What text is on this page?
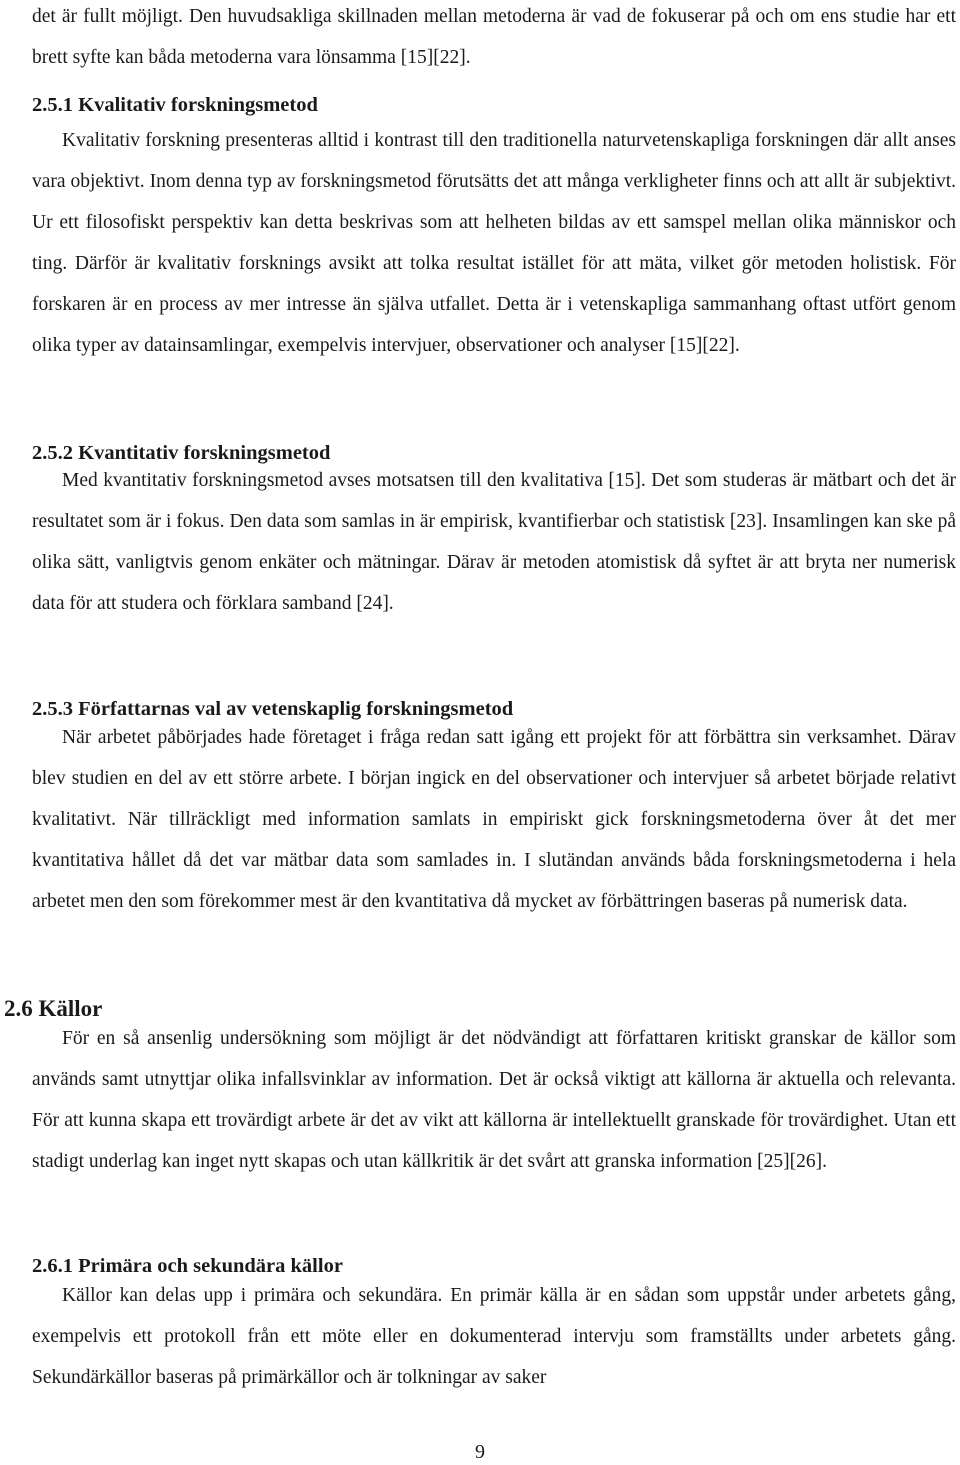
det är fullt möjligt. Den huvudsakliga skillnaden mellan metoderna är vad de fokuserar på och om ens studie har ett brett syfte kan båda metoderna vara lönsamma [15][22].

2.5.1 Kvalitativ forskningsmetod

Kvalitativ forskning presenteras alltid i kontrast till den traditionella naturvetenskapliga forskningen där allt anses vara objektivt. Inom denna typ av forskningsmetod förutsätts det att många verkligheter finns och att allt är subjektivt. Ur ett filosofiskt perspektiv kan detta beskrivas som att helheten bildas av ett samspel mellan olika människor och ting. Därför är kvalitativ forsknings avsikt att tolka resultat istället för att mäta, vilket gör metoden holistisk. För forskaren är en process av mer intresse än själva utfallet. Detta är i vetenskapliga sammanhang oftast utfört genom olika typer av datainsamlingar, exempelvis intervjuer, observationer och analyser [15][22].

2.5.2 Kvantitativ forskningsmetod

Med kvantitativ forskningsmetod avses motsatsen till den kvalitativa [15]. Det som studeras är mätbart och det är resultatet som är i fokus. Den data som samlas in är empirisk, kvantifierbar och statistisk [23]. Insamlingen kan ske på olika sätt, vanligtvis genom enkäter och mätningar. Därav är metoden atomistisk då syftet är att bryta ner numerisk data för att studera och förklara samband [24].

2.5.3 Författarnas val av vetenskaplig forskningsmetod

När arbetet påbörjades hade företaget i fråga redan satt igång ett projekt för att förbättra sin verksamhet. Därav blev studien en del av ett större arbete. I början ingick en del observationer och intervjuer så arbetet började relativt kvalitativt. När tillräckligt med information samlats in empiriskt gick forskningsmetoderna över åt det mer kvantitativa hållet då det var mätbar data som samlades in. I slutändan används båda forskningsmetoderna i hela arbetet men den som förekommer mest är den kvantitativa då mycket av förbättringen baseras på numerisk data.

2.6 Källor

För en så ansenlig undersökning som möjligt är det nödvändigt att författaren kritiskt granskar de källor som används samt utnyttjar olika infallsvinklar av information. Det är också viktigt att källorna är aktuella och relevanta. För att kunna skapa ett trovärdigt arbete är det av vikt att källorna är intellektuellt granskade för trovärdighet. Utan ett stadigt underlag kan inget nytt skapas och utan källkritik är det svårt att granska information [25][26].

2.6.1 Primära och sekundära källor

Källor kan delas upp i primära och sekundära. En primär källa är en sådan som uppstår under arbetets gång, exempelvis ett protokoll från ett möte eller en dokumenterad intervju som framställts under arbetets gång. Sekundärkällor baseras på primärkällor och är tolkningar av saker

9
